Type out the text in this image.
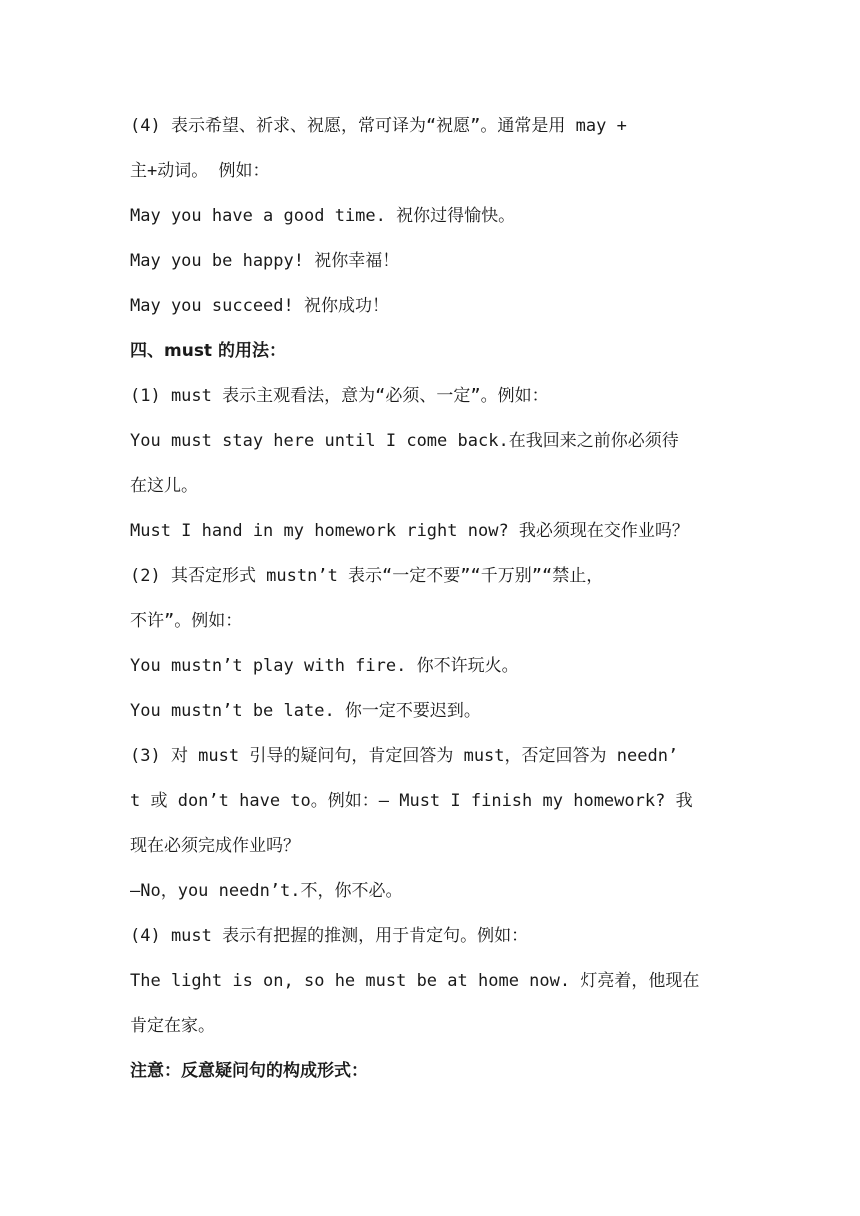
(4) 表示希望、祈求、祝愿，常可译为“祝愿”。通常是用 may +

主+动词。 例如：

May you have a good time. 祝你过得愉快。

May you be happy! 祝你幸福！

May you succeed! 祝你成功！

四、must 的用法：

(1) must 表示主观看法，意为“必须、一定”。例如：

You must stay here until I come back.在我回来之前你必须待

在这儿。

Must I hand in my homework right now? 我必须现在交作业吗？

(2) 其否定形式 mustn’t 表示“一定不要”“千万别”“禁止，

不许”。例如：

You mustn’t play with fire. 你不许玩火。

You mustn’t be late. 你一定不要迟到。

(3) 对 must 引导的疑问句，肯定回答为 must，否定回答为 needn’

t 或 don’t have to。例如：— Must I finish my homework? 我

现在必须完成作业吗？

—No，you needn’t.不，你不必。

(4) must 表示有把握的推测，用于肯定句。例如：

The light is on, so he must be at home now. 灯亮着，他现在

肯定在家。

注意：反意疑问句的构成形式：
